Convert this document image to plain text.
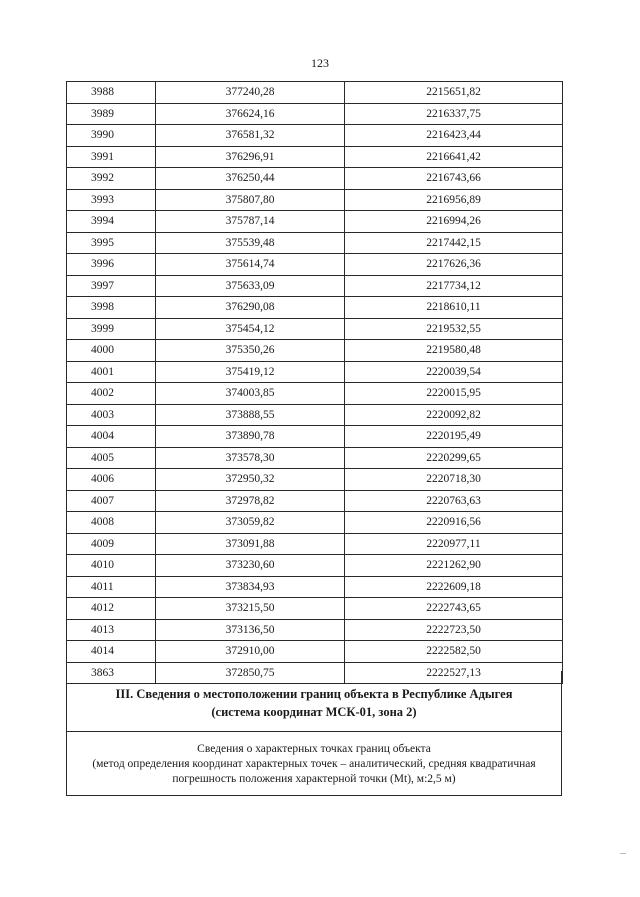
123
3988	377240,28	2215651,82
3989	376624,16	2216337,75
3990	376581,32	2216423,44
3991	376296,91	2216641,42
3992	376250,44	2216743,66
3993	375807,80	2216956,89
3994	375787,14	2216994,26
3995	375539,48	2217442,15
3996	375614,74	2217626,36
3997	375633,09	2217734,12
3998	376290,08	2218610,11
3999	375454,12	2219532,55
4000	375350,26	2219580,48
4001	375419,12	2220039,54
4002	374003,85	2220015,95
4003	373888,55	2220092,82
4004	373890,78	2220195,49
4005	373578,30	2220299,65
4006	372950,32	2220718,30
4007	372978,82	2220763,63
4008	373059,82	2220916,56
4009	373091,88	2220977,11
4010	373230,60	2221262,90
4011	373834,93	2222609,18
4012	373215,50	2222743,65
4013	373136,50	2222723,50
4014	372910,00	2222582,50
3863	372850,75	2222527,13
III. Сведения о местоположении границ объекта в Республике Адыгея
(система координат МСК-01, зона 2)
Сведения о характерных точках границ объекта
(метод определения координат характерных точек – аналитический, средняя квадратичная
погрешность положения характерной точки (Mt), м:2,5 м)
